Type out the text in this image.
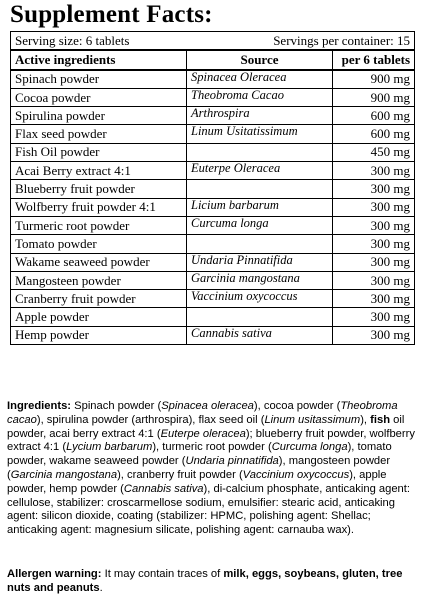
Supplement Facts:
Serving size: 6 tablets	Servings per container: 15	
Active ingredients	Source	per 6 tablets
Spinach powder	Spinacea Oleracea	900 mg
Cocoa powder	Theobroma Cacao	900 mg
Spirulina powder	Arthrospira	600 mg
Flax seed powder	Linum Usitatissimum	600 mg
Fish Oil powder		450 mg
Acai Berry extract 4:1	Euterpe Oleracea	300 mg
Blueberry fruit powder		300 mg
Wolfberry fruit powder 4:1	Licium barbarum	300 mg
Turmeric root powder	Curcuma longa	300 mg
Tomato powder		300 mg
Wakame seaweed powder	Undaria Pinnatifida	300 mg
Mangosteen powder	Garcinia mangostana	300 mg
Cranberry fruit powder	Vaccinium oxycoccus	300 mg
Apple powder		300 mg
Hemp powder	Cannabis sativa	300 mg

Ingredients: Spinach powder (Spinacea oleracea), cocoa powder (Theobroma cacao), spirulina powder (arthrospira), flax seed oil (Linum usitassimum), fish oil powder, acai berry extract 4:1 (Euterpe oleracea); blueberry fruit powder, wolfberry extract 4:1 (Lycium barbarum), turmeric root powder (Curcuma longa), tomato powder, wakame seaweed powder (Undaria pinnatifida), mangosteen powder (Garcinia mangostana), cranberry fruit powder (Vaccinium oxycoccus), apple powder, hemp powder (Cannabis sativa), di-calcium phosphate, anticaking agent: cellulose, stabilizer: croscarmellose sodium, emulsifier: stearic acid, anticaking agent: silicon dioxide, coating (stabilizer: HPMC, polishing agent: Shellac; anticaking agent: magnesium silicate, polishing agent: carnauba wax).

Allergen warning: It may contain traces of milk, eggs, soybeans, gluten, tree nuts and peanuts.
